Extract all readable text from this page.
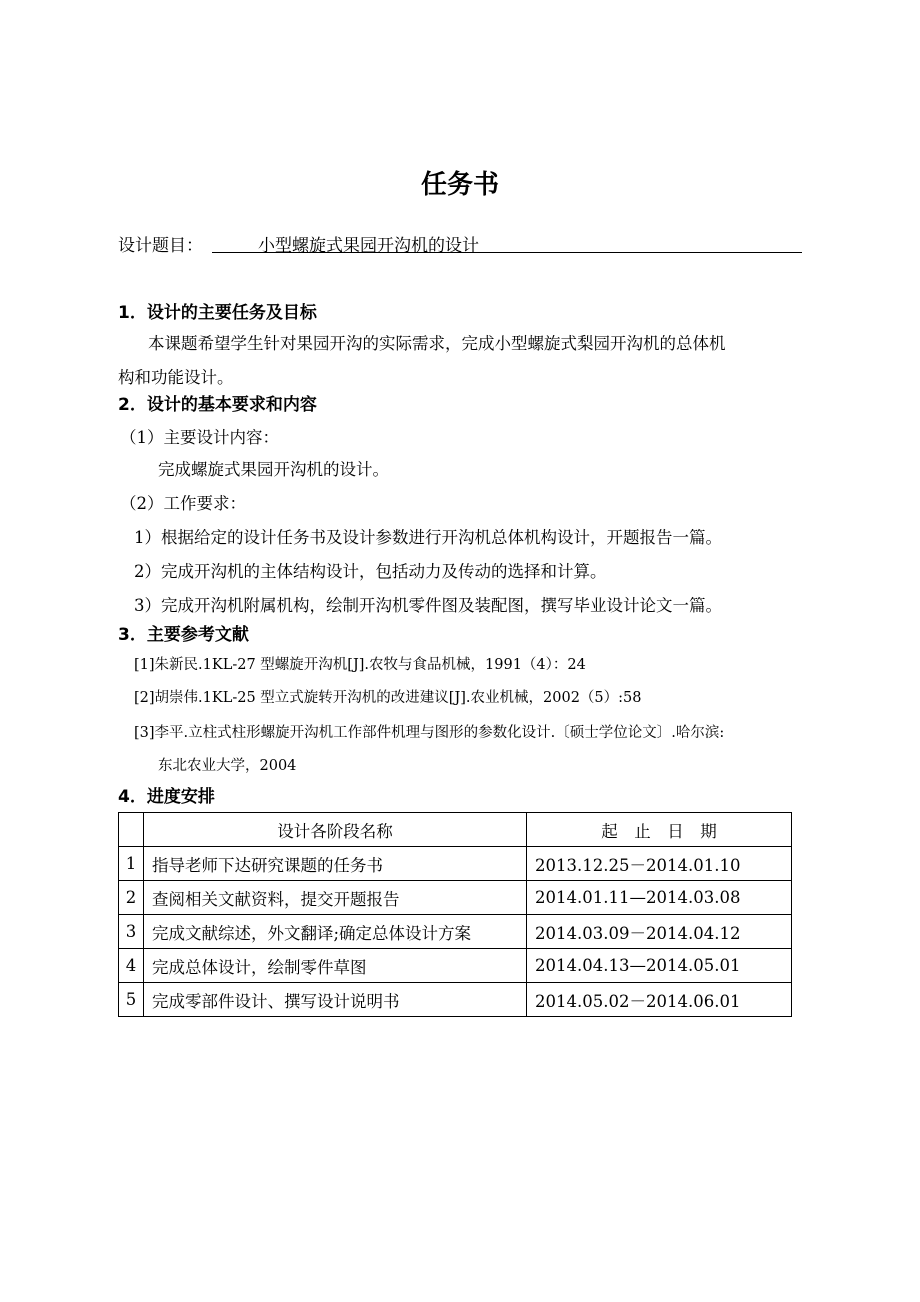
任务书
设计题目：	小型螺旋式果园开沟机的设计
1．设计的主要任务及目标
本课题希望学生针对果园开沟的实际需求，完成小型螺旋式梨园开沟机的总体机
构和功能设计。
2．设计的基本要求和内容
（1）主要设计内容：
完成螺旋式果园开沟机的设计。
（2）工作要求：
1）根据给定的设计任务书及设计参数进行开沟机总体机构设计，开题报告一篇。
2）完成开沟机的主体结构设计，包括动力及传动的选择和计算。
3）完成开沟机附属机构，绘制开沟机零件图及装配图，撰写毕业设计论文一篇。
3．主要参考文献
[1]朱新民.1KL-27 型螺旋开沟机[J].农牧与食品机械，1991（4）：24
[2]胡崇伟.1KL-25 型立式旋转开沟机的改进建议[J].农业机械，2002（5）:58
[3]李平.立柱式柱形螺旋开沟机工作部件机理与图形的参数化设计.〔硕士学位论文〕.哈尔滨:
东北农业大学，2004
4．进度安排
	设计各阶段名称	起　止　日　期
1	指导老师下达研究课题的任务书	2013.12.25－2014.01.10
2	查阅相关文献资料，提交开题报告	2014.01.11—2014.03.08
3	完成文献综述，外文翻译;确定总体设计方案	2014.03.09－2014.04.12
4	完成总体设计，绘制零件草图	2014.04.13—2014.05.01
5	完成零部件设计、撰写设计说明书	2014.05.02－2014.06.01
